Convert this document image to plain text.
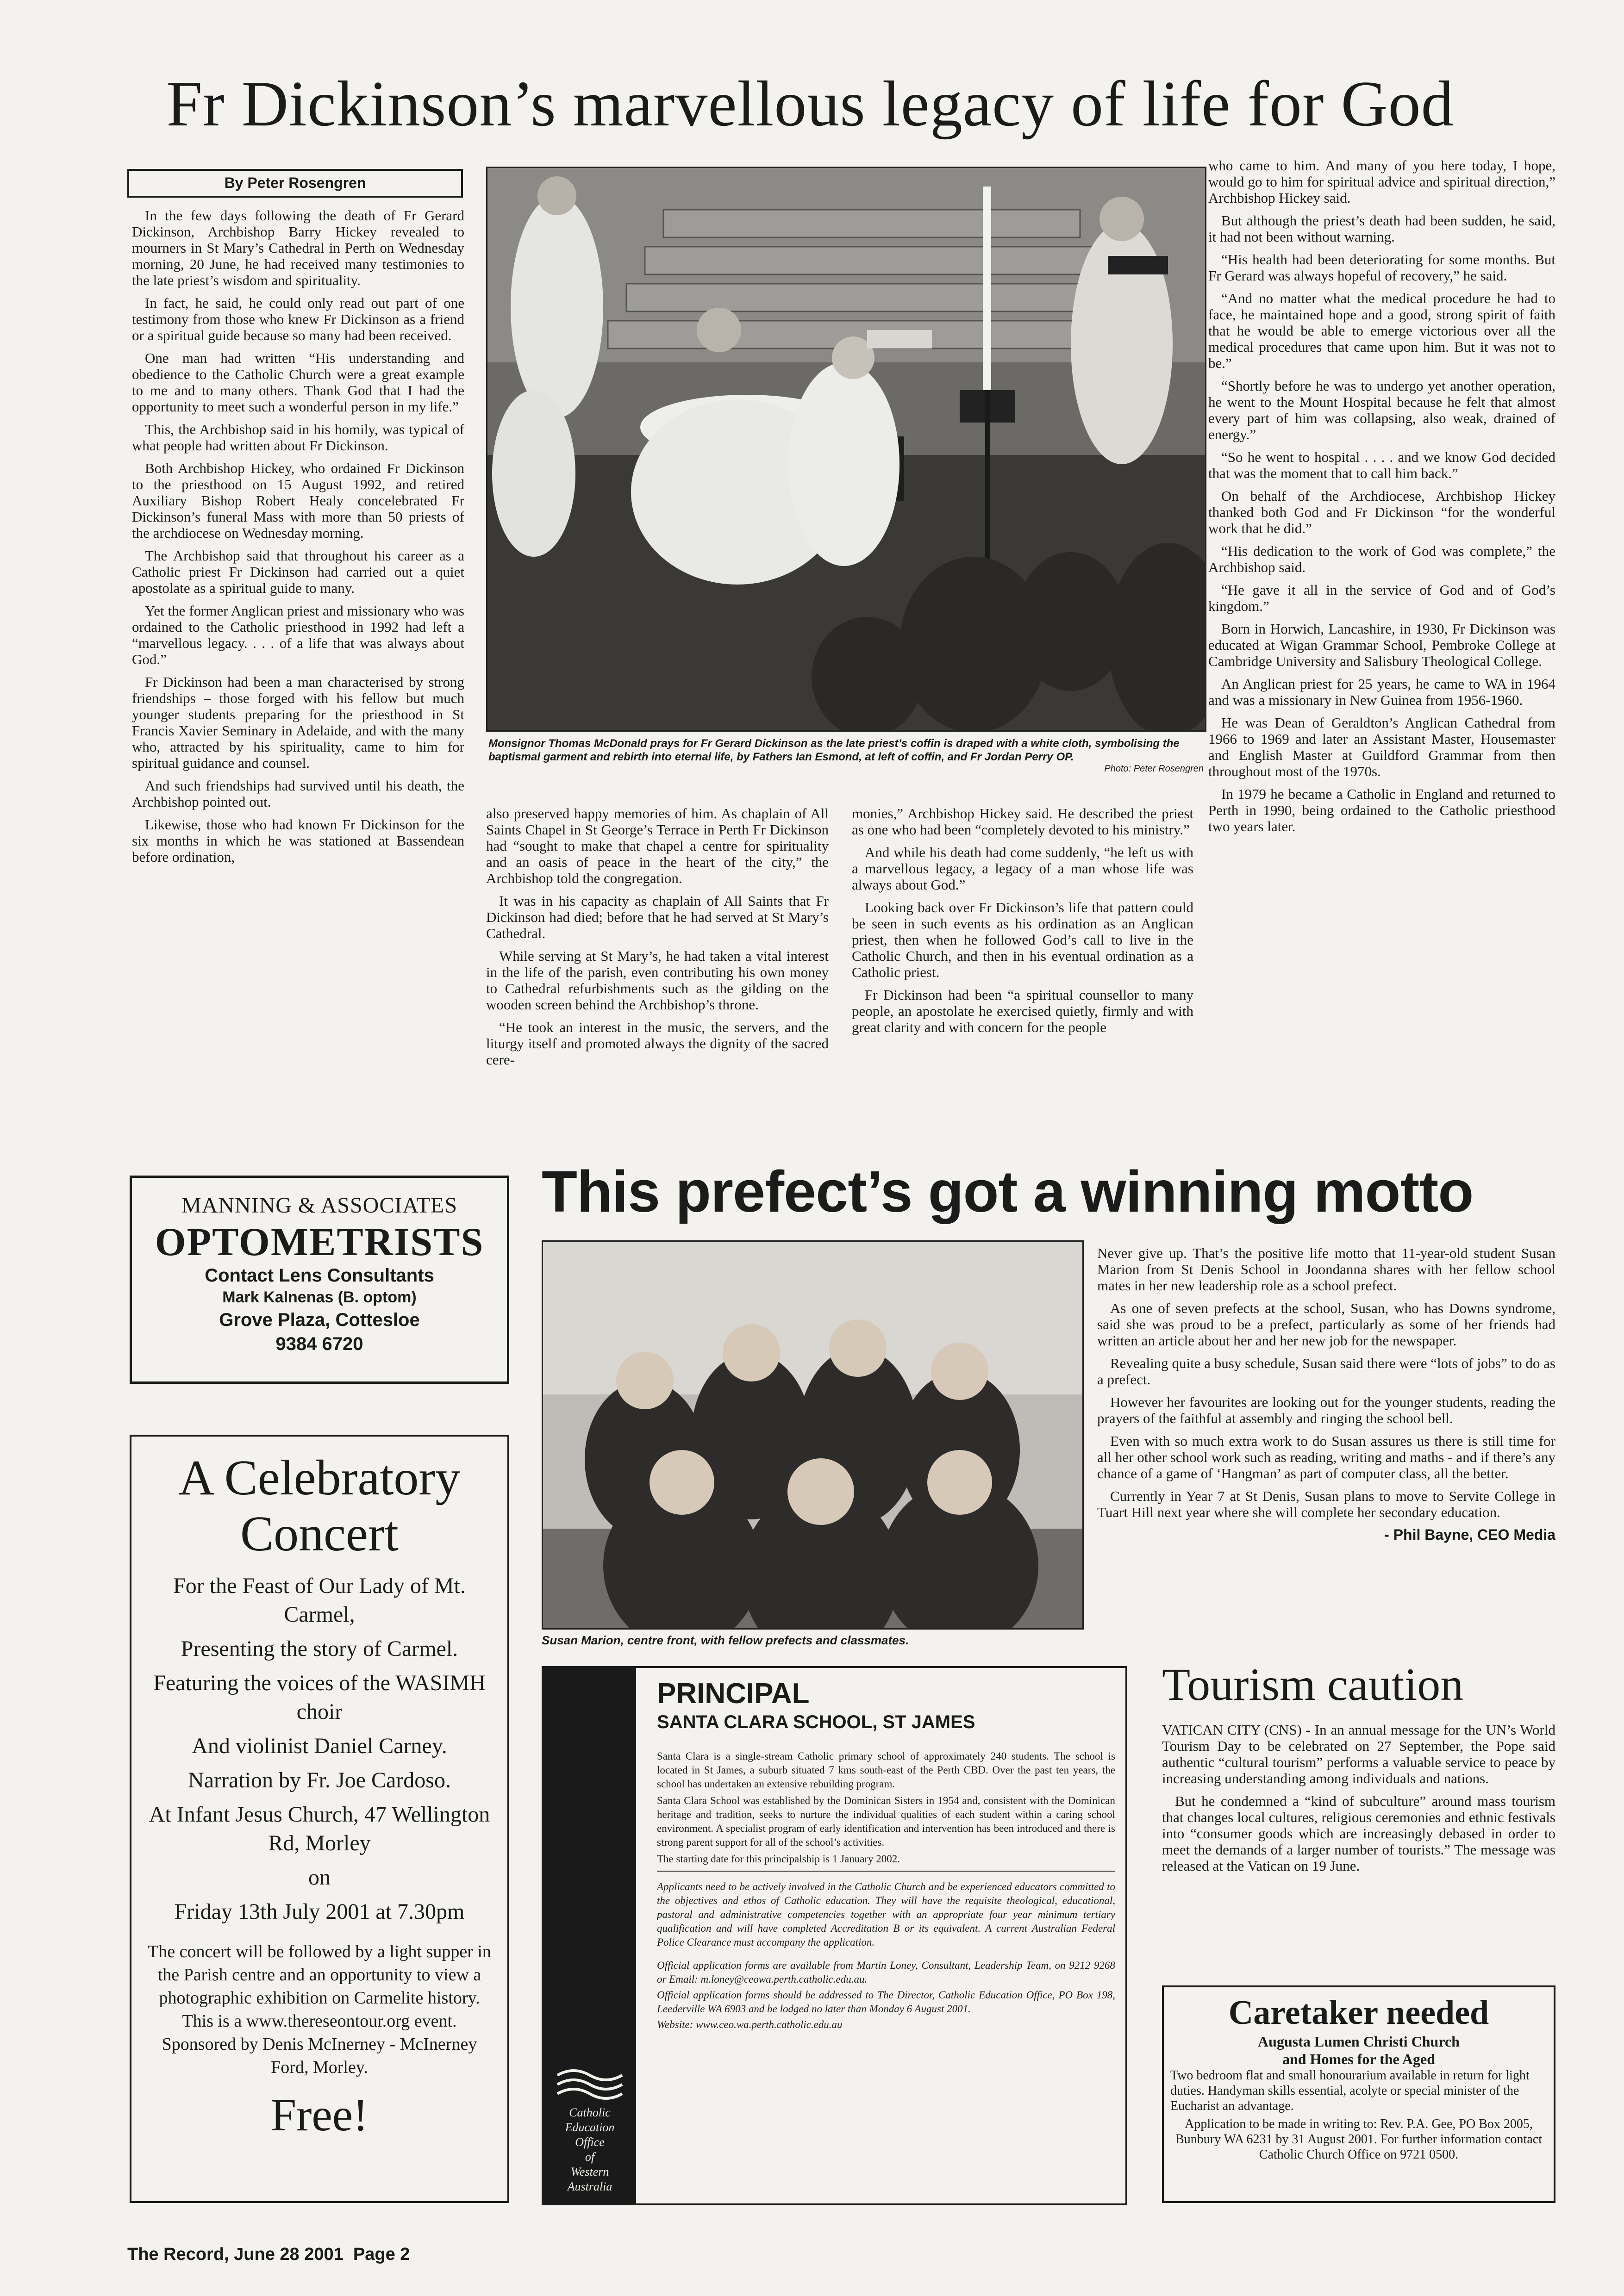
Fr Dickinson’s marvellous legacy of life for God
By Peter Rosengren

In the few days following the death of Fr Gerard Dickinson, Archbishop Barry Hickey revealed to mourners in St Mary’s Cathedral in Perth on Wednesday morning, 20 June, he had received many testimonies to the late priest’s wisdom and spirituality.

In fact, he said, he could only read out part of one testimony from those who knew Fr Dickinson as a friend or a spiritual guide because so many had been received.

One man had written “His understanding and obedience to the Catholic Church were a great example to me and to many others. Thank God that I had the opportunity to meet such a wonderful person in my life.”

This, the Archbishop said in his homily, was typical of what people had written about Fr Dickinson.

Both Archbishop Hickey, who ordained Fr Dickinson to the priesthood on 15 August 1992, and retired Auxiliary Bishop Robert Healy concelebrated Fr Dickinson’s funeral Mass with more than 50 priests of the archdiocese on Wednesday morning.

The Archbishop said that throughout his career as a Catholic priest Fr Dickinson had carried out a quiet apostolate as a spiritual guide to many.

Yet the former Anglican priest and missionary who was ordained to the Catholic priesthood in 1992 had left a “marvellous legacy. . . . of a life that was always about God.”

Fr Dickinson had been a man characterised by strong friendships – those forged with his fellow but much younger students preparing for the priesthood in St Francis Xavier Seminary in Adelaide, and with the many who, attracted by his spirituality, came to him for spiritual guidance and counsel.

And such friendships had survived until his death, the Archbishop pointed out.

Likewise, those who had known Fr Dickinson for the six months in which he was stationed at Bassendean before ordination,

Monsignor Thomas McDonald prays for Fr Gerard Dickinson as the late priest’s coffin is draped with a white cloth, symbolising the baptismal garment and rebirth into eternal life, by Fathers Ian Esmond, at left of coffin, and Fr Jordan Perry OP.
Photo: Peter Rosengren

also preserved happy memories of him. As chaplain of All Saints Chapel in St George’s Terrace in Perth Fr Dickinson had “sought to make that chapel a centre for spirituality and an oasis of peace in the heart of the city,” the Archbishop told the congregation.

It was in his capacity as chaplain of All Saints that Fr Dickinson had died; before that he had served at St Mary’s Cathedral.

While serving at St Mary’s, he had taken a vital interest in the life of the parish, even contributing his own money to Cathedral refurbishments such as the gilding on the wooden screen behind the Archbishop’s throne.

“He took an interest in the music, the servers, and the liturgy itself and promoted always the dignity of the sacred cere-

monies,” Archbishop Hickey said. He described the priest as one who had been “completely devoted to his ministry.”

And while his death had come suddenly, “he left us with a marvellous legacy, a legacy of a man whose life was always about God.”

Looking back over Fr Dickinson’s life that pattern could be seen in such events as his ordination as an Anglican priest, then when he followed God’s call to live in the Catholic Church, and then in his eventual ordination as a Catholic priest.

Fr Dickinson had been “a spiritual counsellor to many people, an apostolate he exercised quietly, firmly and with great clarity and with concern for the people

who came to him. And many of you here today, I hope, would go to him for spiritual advice and spiritual direction,” Archbishop Hickey said.

But although the priest’s death had been sudden, he said, it had not been without warning.

“His health had been deteriorating for some months. But Fr Gerard was always hopeful of recovery,” he said.

“And no matter what the medical procedure he had to face, he maintained hope and a good, strong spirit of faith that he would be able to emerge victorious over all the medical procedures that came upon him. But it was not to be.”

“Shortly before he was to undergo yet another operation, he went to the Mount Hospital because he felt that almost every part of him was collapsing, also weak, drained of energy.”

“So he went to hospital . . . . and we know God decided that was the moment that to call him back.”

On behalf of the Archdiocese, Archbishop Hickey thanked both God and Fr Dickinson “for the wonderful work that he did.”

“His dedication to the work of God was complete,” the Archbishop said.

“He gave it all in the service of God and of God’s kingdom.”

Born in Horwich, Lancashire, in 1930, Fr Dickinson was educated at Wigan Grammar School, Pembroke College at Cambridge University and Salisbury Theological College.

An Anglican priest for 25 years, he came to WA in 1964 and was a missionary in New Guinea from 1956-1960.

He was Dean of Geraldton’s Anglican Cathedral from 1966 to 1969 and later an Assistant Master, Housemaster and English Master at Guildford Grammar from then throughout most of the 1970s.

In 1979 he became a Catholic in England and returned to Perth in 1990, being ordained to the Catholic priesthood two years later.

MANNING & ASSOCIATES
OPTOMETRISTS
Contact Lens Consultants
Mark Kalnenas (B. optom)
Grove Plaza, Cottesloe
9384 6720
A Celebratory
Concert
For the Feast of Our Lady of Mt. Carmel,
Presenting the story of Carmel.
Featuring the voices of the WASIMH choir
And violinist Daniel Carney.
Narration by Fr. Joe Cardoso.
At Infant Jesus Church, 47 Wellington Rd, Morley
on
Friday 13th July 2001 at 7.30pm
The concert will be followed by a light supper in the Parish centre and an opportunity to view a photographic exhibition on Carmelite history.
This is a www.thereseontour.org event.
Sponsored by Denis McInerney - McInerney Ford, Morley.
Free!
This prefect’s got a winning motto
Susan Marion, centre front, with fellow prefects and classmates.

Never give up. That’s the positive life motto that 11-year-old student Susan Marion from St Denis School in Joondanna shares with her fellow school mates in her new leadership role as a school prefect.

As one of seven prefects at the school, Susan, who has Downs syndrome, said she was proud to be a prefect, particularly as some of her friends had written an article about her and her new job for the newspaper.

Revealing quite a busy schedule, Susan said there were “lots of jobs” to do as a prefect.

However her favourites are looking out for the younger students, reading the prayers of the faithful at assembly and ringing the school bell.

Even with so much extra work to do Susan assures us there is still time for all her other school work such as reading, writing and maths - and if there’s any chance of a game of ‘Hangman’ as part of computer class, all the better.

Currently in Year 7 at St Denis, Susan plans to move to Servite College in Tuart Hill next year where she will complete her secondary education.

- Phil Bayne, CEO Media
Catholic
Education
Office
of
Western
Australia
PRINCIPAL
SANTA CLARA SCHOOL, ST JAMES

Santa Clara is a single-stream Catholic primary school of approximately 240 students. The school is located in St James, a suburb situated 7 kms south-east of the Perth CBD. Over the past ten years, the school has undertaken an extensive rebuilding program.

Santa Clara School was established by the Dominican Sisters in 1954 and, consistent with the Dominican heritage and tradition, seeks to nurture the individual qualities of each student within a caring school environment. A specialist program of early identification and intervention has been introduced and there is strong parent support for all of the school’s activities.

The starting date for this principalship is 1 January 2002.

Applicants need to be actively involved in the Catholic Church and be experienced educators committed to the objectives and ethos of Catholic education. They will have the requisite theological, educational, pastoral and administrative competencies together with an appropriate four year minimum tertiary qualification and will have completed Accreditation B or its equivalent. A current Australian Federal Police Clearance must accompany the application.

Official application forms are available from Martin Loney, Consultant, Leadership Team, on 9212 9268 or Email: m.loney@ceowa.perth.catholic.edu.au.

Official application forms should be addressed to The Director, Catholic Education Office, PO Box 198, Leederville WA 6903 and be lodged no later than Monday 6 August 2001.

Website: www.ceo.wa.perth.catholic.edu.au

Tourism caution

VATICAN CITY (CNS) - In an annual message for the UN’s World Tourism Day to be celebrated on 27 September, the Pope said authentic “cultural tourism” performs a valuable service to peace by increasing understanding among individuals and nations.

But he condemned a “kind of subculture” around mass tourism that changes local cultures, religious ceremonies and ethnic festivals into “consumer goods which are increasingly debased in order to meet the demands of a larger number of tourists.” The message was released at the Vatican on 19 June.

Caretaker needed
Augusta Lumen Christi Church
and Homes for the Aged
Two bedroom flat and small honourarium available in return for light duties. Handyman skills essential, acolyte or special minister of the Eucharist an advantage.
Application to be made in writing to: Rev. P.A. Gee, PO Box 2005, Bunbury WA 6231 by 31 August 2001. For further information contact Catholic Church Office on 9721 0500.
The Record, June 28 2001  Page 2
